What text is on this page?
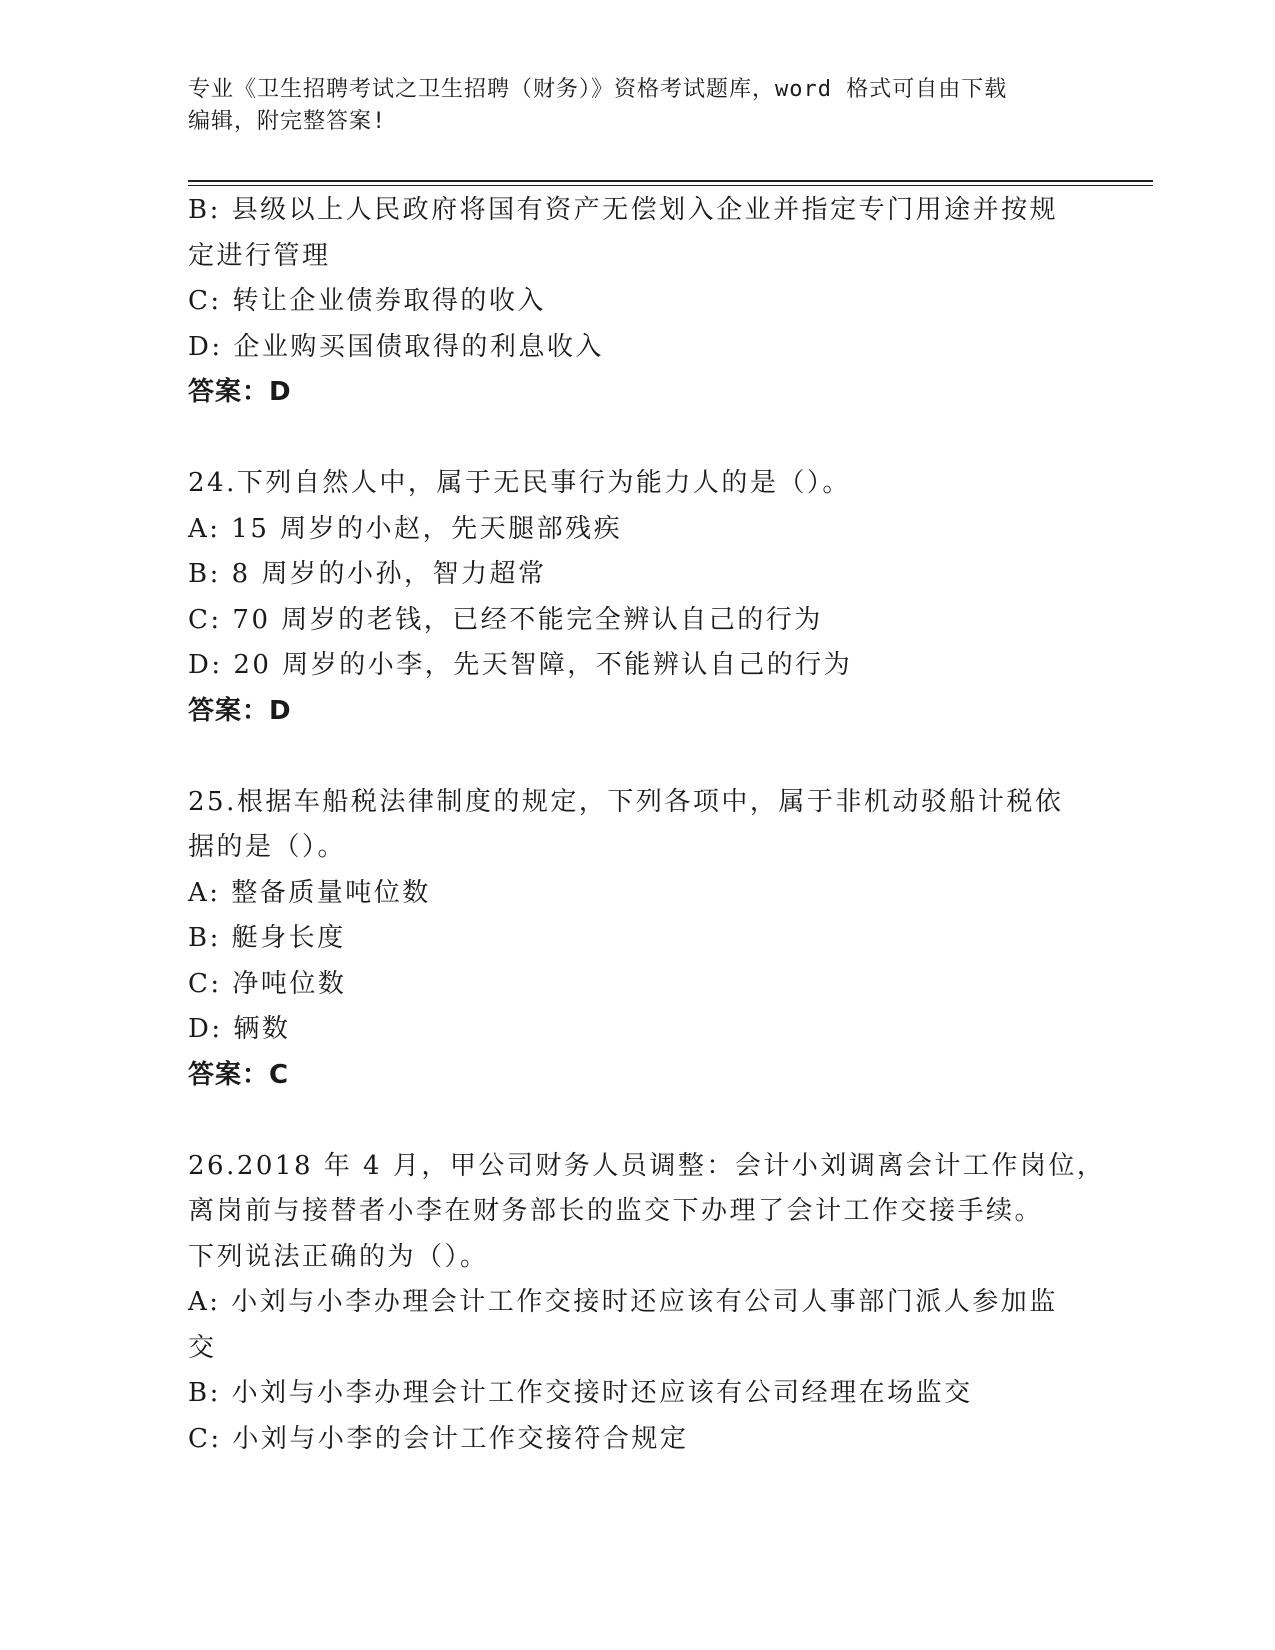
专业《卫生招聘考试之卫生招聘（财务）》资格考试题库，word 格式可自由下载
编辑，附完整答案!
B: 县级以上人民政府将国有资产无偿划入企业并指定专门用途并按规
定进行管理
C: 转让企业债券取得的收入
D: 企业购买国债取得的利息收入
答案：D
24.下列自然人中，属于无民事行为能力人的是（）。
A: 15 周岁的小赵，先天腿部残疾
B: 8 周岁的小孙，智力超常
C: 70 周岁的老钱，已经不能完全辨认自己的行为
D: 20 周岁的小李，先天智障，不能辨认自己的行为
答案：D
25.根据车船税法律制度的规定，下列各项中，属于非机动驳船计税依
据的是（）。
A: 整备质量吨位数
B: 艇身长度
C: 净吨位数
D: 辆数
答案：C
26.2018 年 4 月，甲公司财务人员调整：会计小刘调离会计工作岗位，
离岗前与接替者小李在财务部长的监交下办理了会计工作交接手续。
下列说法正确的为（）。
A: 小刘与小李办理会计工作交接时还应该有公司人事部门派人参加监
交
B: 小刘与小李办理会计工作交接时还应该有公司经理在场监交
C: 小刘与小李的会计工作交接符合规定
